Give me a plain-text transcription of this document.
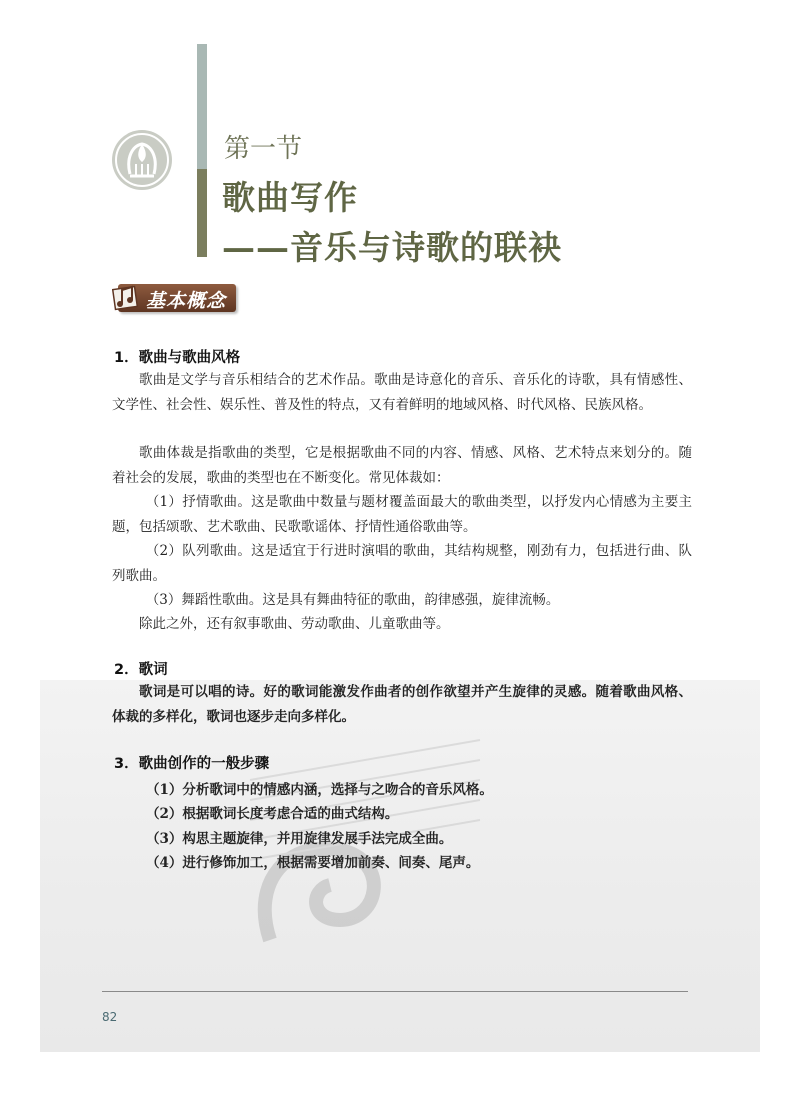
第一节
歌曲写作
——音乐与诗歌的联袂
基本概念
1．歌曲与歌曲风格
歌曲是文学与音乐相结合的艺术作品。歌曲是诗意化的音乐、音乐化的诗歌，具有情感性、文学性、社会性、娱乐性、普及性的特点，又有着鲜明的地域风格、时代风格、民族风格。
歌曲体裁是指歌曲的类型，它是根据歌曲不同的内容、情感、风格、艺术特点来划分的。随着社会的发展，歌曲的类型也在不断变化。常见体裁如：
（1）抒情歌曲。这是歌曲中数量与题材覆盖面最大的歌曲类型，以抒发内心情感为主要主题，包括颂歌、艺术歌曲、民歌歌谣体、抒情性通俗歌曲等。
（2）队列歌曲。这是适宜于行进时演唱的歌曲，其结构规整，刚劲有力，包括进行曲、队列歌曲。
（3）舞蹈性歌曲。这是具有舞曲特征的歌曲，韵律感强，旋律流畅。
除此之外，还有叙事歌曲、劳动歌曲、儿童歌曲等。
2．歌词
歌词是可以唱的诗。好的歌词能激发作曲者的创作欲望并产生旋律的灵感。随着歌曲风格、体裁的多样化，歌词也逐步走向多样化。
3．歌曲创作的一般步骤
（1）分析歌词中的情感内涵，选择与之吻合的音乐风格。
（2）根据歌词长度考虑合适的曲式结构。
（3）构思主题旋律，并用旋律发展手法完成全曲。
（4）进行修饰加工，根据需要增加前奏、间奏、尾声。
82
